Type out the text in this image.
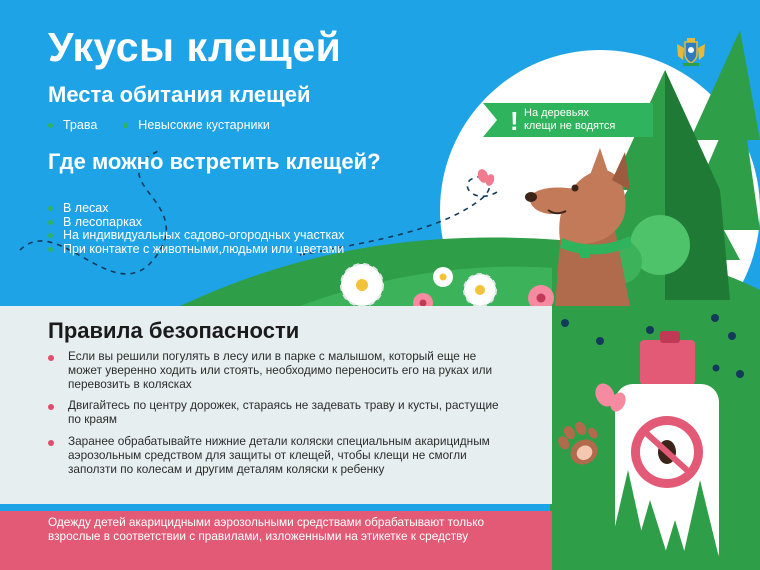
Укусы клещей
Места обитания клещей
Трава	Невысокие кустарники
Где можно встретить клещей?
В лесах
В лесопарках
На индивидуальных садово-огородных участках
При контакте с животными,людьми или цветами
! На деревьях
клещи не водятся
Правила безопасности
Если вы решили погулять в лесу или в парке с малышом, который еще не может уверенно ходить или стоять, необходимо переносить его на руках или перевозить в колясках
Двигайтесь по центру дорожек, стараясь не задевать траву и кусты, растущие по краям
Заранее обрабатывайте нижние детали коляски специальным акарицидным аэрозольным средством для защиты от клещей, чтобы клещи не смогли заползти по колесам и другим деталям коляски к ребенку
Одежду детей акарицидными аэрозольными средствами обрабатывают только взрослые в соответствии с правилами, изложенными на этикетке к средству
